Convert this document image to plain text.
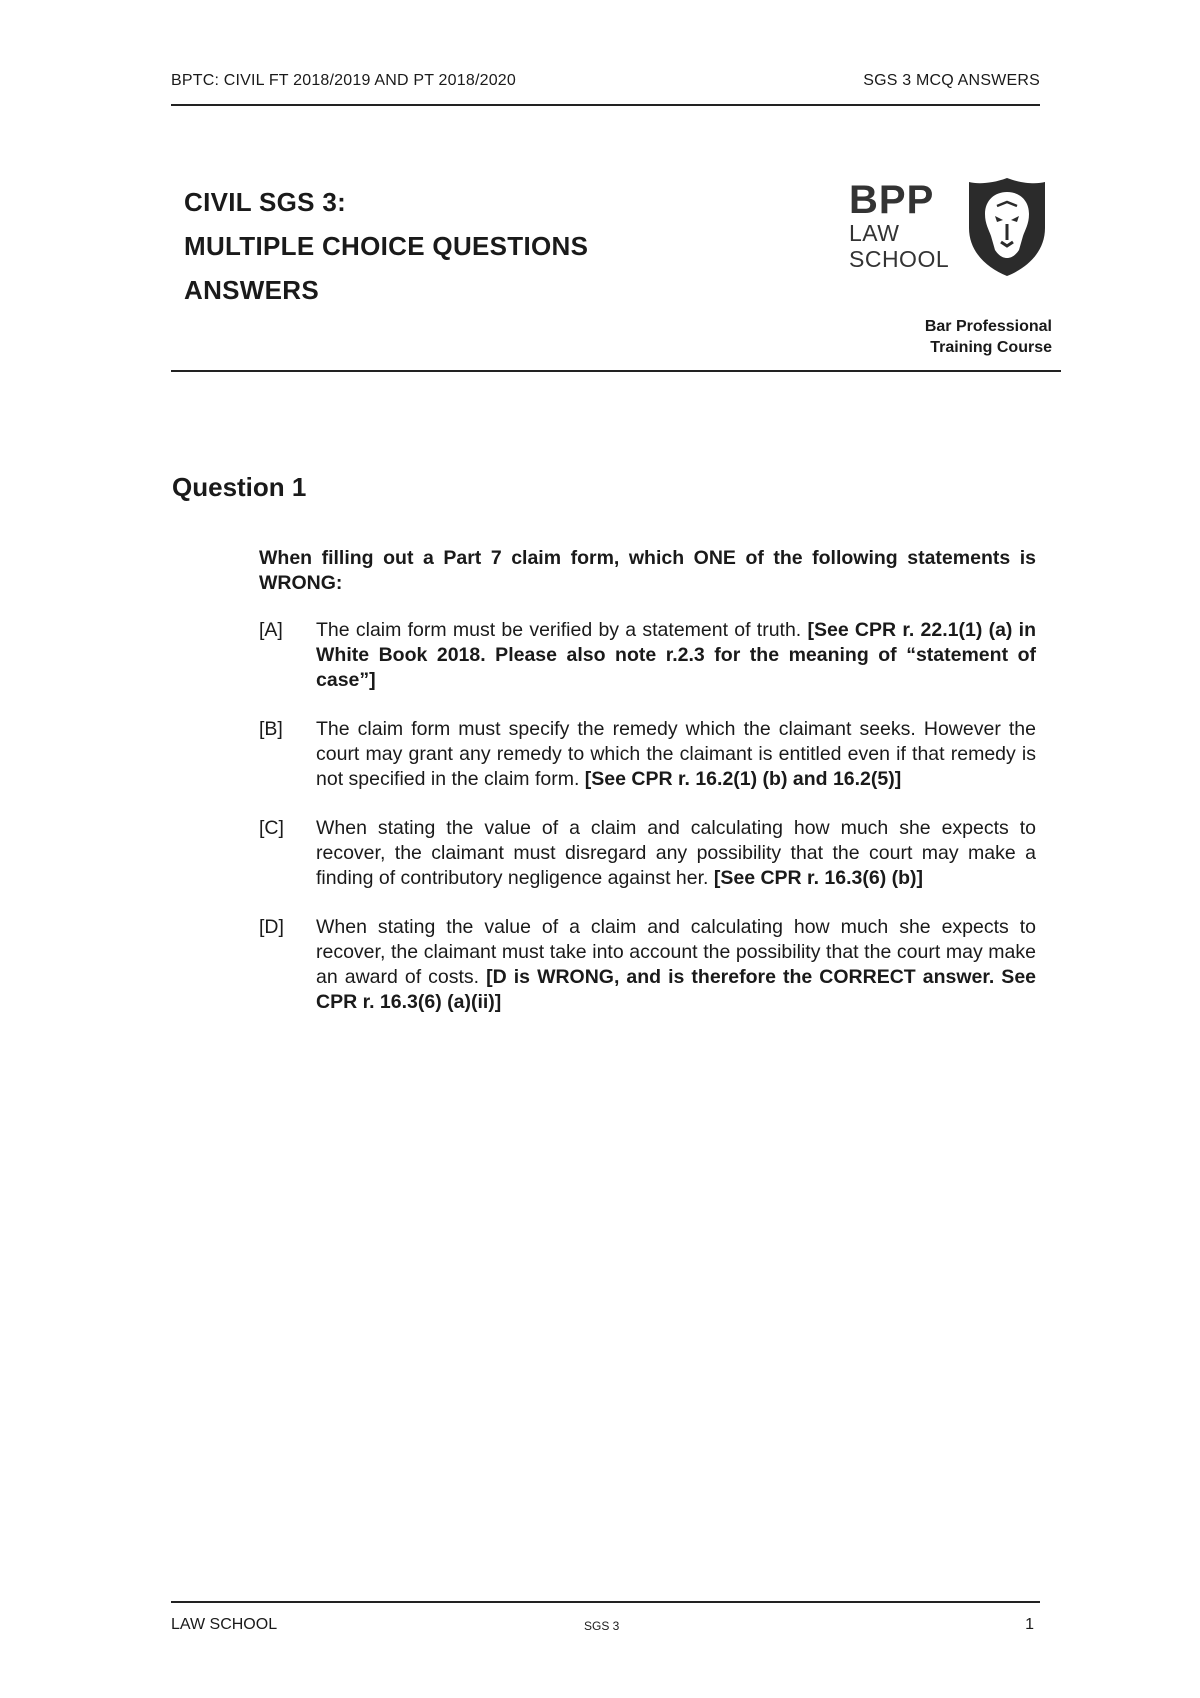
BPTC: CIVIL FT 2018/2019 AND PT 2018/2020	SGS 3 MCQ ANSWERS
CIVIL SGS 3:
MULTIPLE CHOICE QUESTIONS
ANSWERS
BPP
LAW
SCHOOL
Bar Professional
Training Course
Question 1

When filling out a Part 7 claim form, which ONE of the following statements is WRONG:

[A]	The claim form must be verified by a statement of truth. [See CPR r. 22.1(1) (a) in White Book 2018. Please also note r.2.3 for the meaning of “statement of case”]
[B]	The claim form must specify the remedy which the claimant seeks. However the court may grant any remedy to which the claimant is entitled even if that remedy is not specified in the claim form. [See CPR r. 16.2(1) (b) and 16.2(5)]
[C]	When stating the value of a claim and calculating how much she expects to recover, the claimant must disregard any possibility that the court may make a finding of contributory negligence against her. [See CPR r. 16.3(6) (b)]
[D]	When stating the value of a claim and calculating how much she expects to recover, the claimant must take into account the possibility that the court may make an award of costs. [D is WRONG, and is therefore the CORRECT answer. See CPR r. 16.3(6) (a)(ii)]
LAW SCHOOL	SGS 3	1
